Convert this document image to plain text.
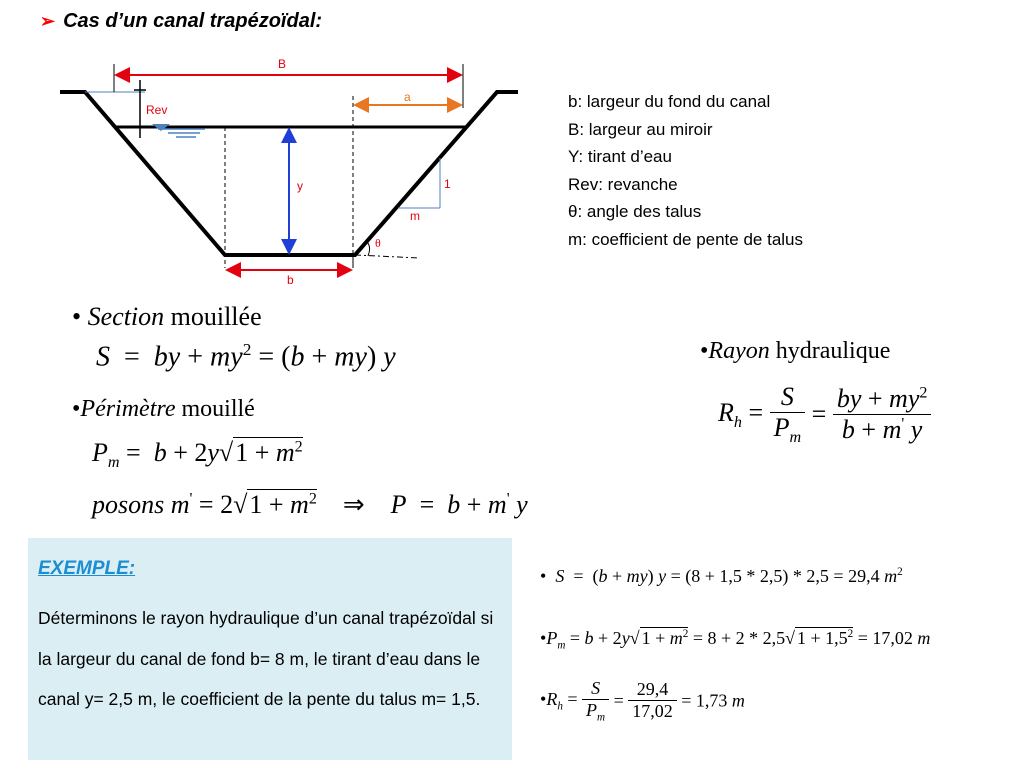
➢ Cas d’un canal trapézoïdal:
B
a
Rev
y	1
m
θ
b
b: largeur du fond du canal
B: largeur au miroir
Y: tirant d’eau
Rev: revanche
θ: angle des talus
m: coefficient de pente de talus
• Section mouillée
S  =  by + $my^2 = (b + my)$ y
•Périmètre mouillé
$P_m = b + 2y√1 + m^2$
posons $m' = 2√1 + m^2$    ⇒    P  =  b + m' y
•Rayon hydraulique
$R_h = \frac{S}{P_m} = \frac{by + my^2}{b + m' y}$
EXEMPLE:
Déterminons le rayon hydraulique d’un canal trapézoïdal si la largeur du canal de fond b= 8 m, le tirant d’eau dans le canal y= 2,5 m, le coefficient de la pente du talus m= 1,5.
• S  =  (b + my) y = (8 + 1,5 * 2,5) * 2,5 = 29,4 $m^2$
$•P_m = b + 2y√$ $1 + m^2 = 8 + 2 * 2,5√$ $1 + 1,5^2 = 17,02$ m
$•R_h = \frac{S}{P_m} = \frac{29,4}{17,02} = 1,73$ m
